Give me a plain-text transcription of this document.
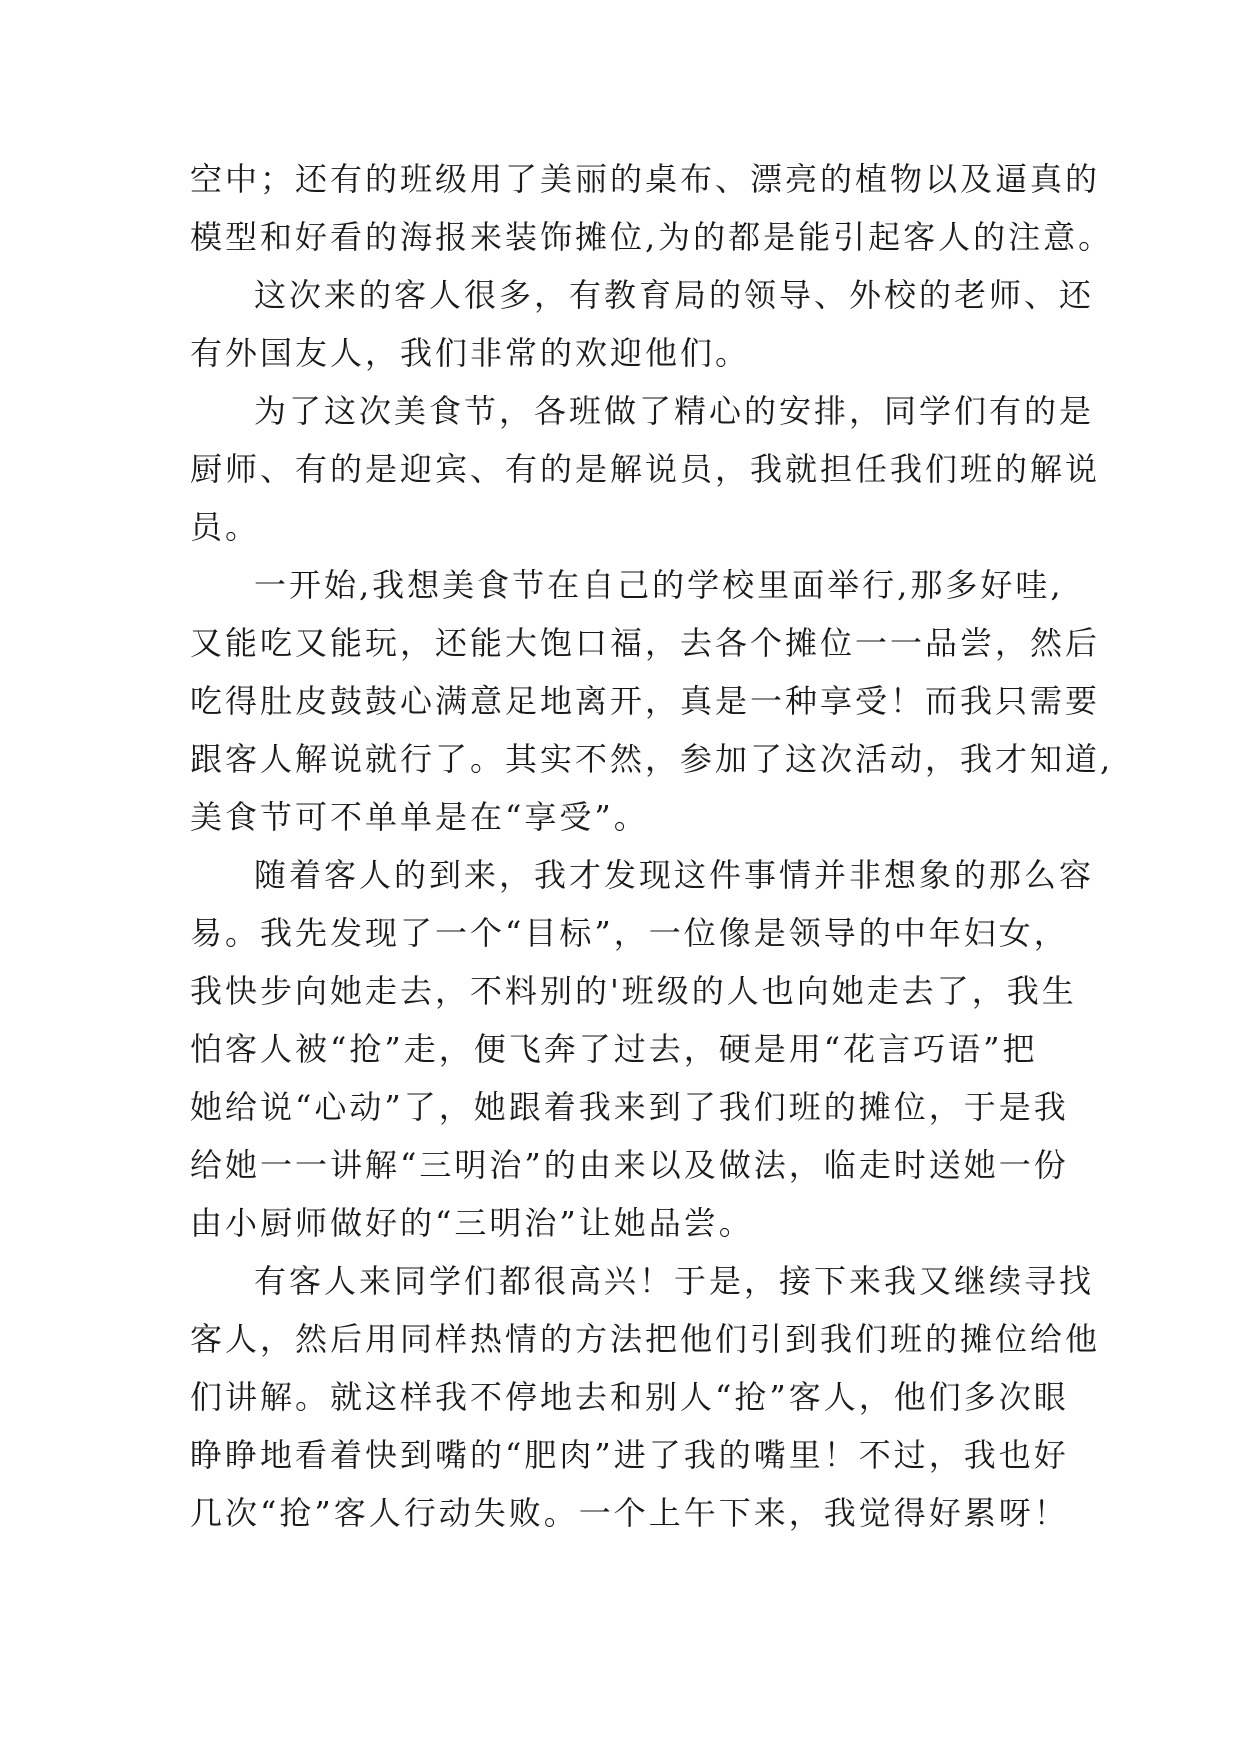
空中；还有的班级用了美丽的桌布、漂亮的植物以及逼真的
模型和好看的海报来装饰摊位,为的都是能引起客人的注意。
这次来的客人很多，有教育局的领导、外校的老师、还
有外国友人，我们非常的欢迎他们。
为了这次美食节，各班做了精心的安排，同学们有的是
厨师、有的是迎宾、有的是解说员，我就担任我们班的解说
员。
一开始,我想美食节在自己的学校里面举行,那多好哇,
又能吃又能玩，还能大饱口福，去各个摊位一一品尝，然后
吃得肚皮鼓鼓心满意足地离开，真是一种享受！而我只需要
跟客人解说就行了。其实不然，参加了这次活动，我才知道,
美食节可不单单是在“享受”。
随着客人的到来，我才发现这件事情并非想象的那么容
易。我先发现了一个“目标”，一位像是领导的中年妇女，
我快步向她走去，不料别的'班级的人也向她走去了，我生
怕客人被“抢”走，便飞奔了过去，硬是用“花言巧语”把
她给说“心动”了，她跟着我来到了我们班的摊位，于是我
给她一一讲解“三明治”的由来以及做法，临走时送她一份
由小厨师做好的“三明治”让她品尝。
有客人来同学们都很高兴！于是，接下来我又继续寻找
客人，然后用同样热情的方法把他们引到我们班的摊位给他
们讲解。就这样我不停地去和别人“抢”客人，他们多次眼
睁睁地看着快到嘴的“肥肉”进了我的嘴里！不过，我也好
几次“抢”客人行动失败。一个上午下来，我觉得好累呀！
